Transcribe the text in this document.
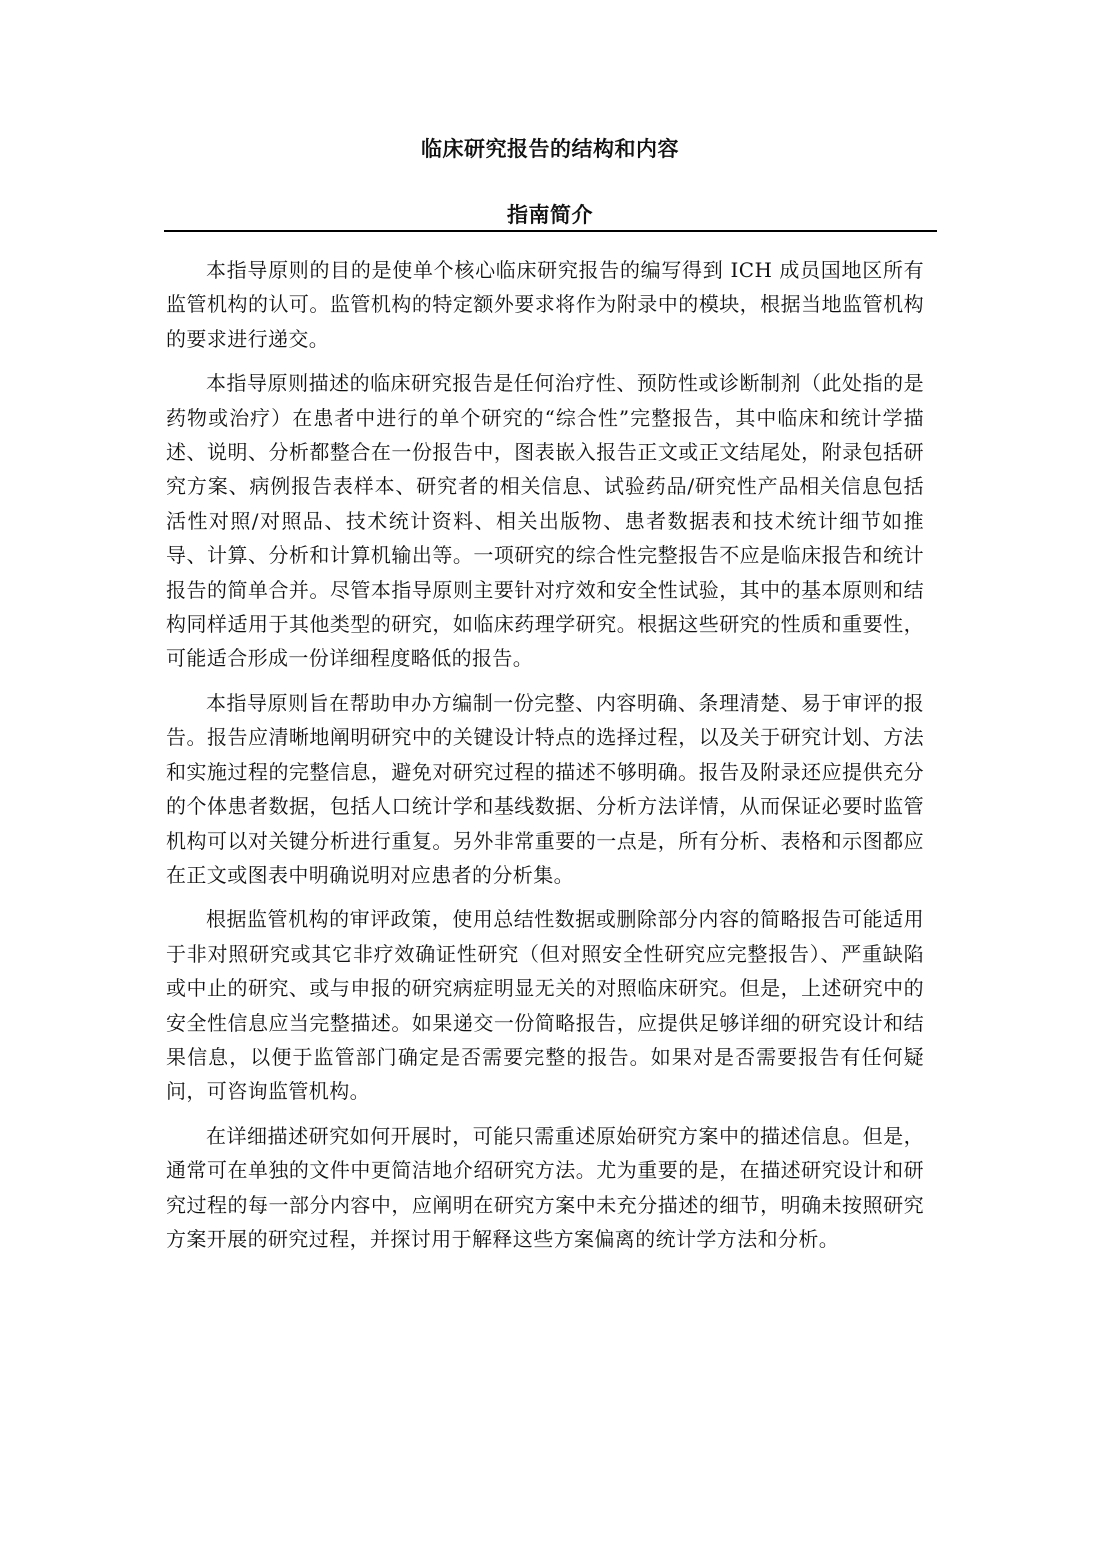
临床研究报告的结构和内容
指南简介

本指导原则的目的是使单个核心临床研究报告的编写得到 ICH 成员国地区所有监管机构的认可。监管机构的特定额外要求将作为附录中的模块，根据当地监管机构的要求进行递交。

本指导原则描述的临床研究报告是任何治疗性、预防性或诊断制剂（此处指的是药物或治疗）在患者中进行的单个研究的“综合性”完整报告，其中临床和统计学描述、说明、分析都整合在一份报告中，图表嵌入报告正文或正文结尾处，附录包括研究方案、病例报告表样本、研究者的相关信息、试验药品/研究性产品相关信息包括活性对照/对照品、技术统计资料、相关出版物、患者数据表和技术统计细节如推导、计算、分析和计算机输出等。一项研究的综合性完整报告不应是临床报告和统计报告的简单合并。尽管本指导原则主要针对疗效和安全性试验，其中的基本原则和结构同样适用于其他类型的研究，如临床药理学研究。根据这些研究的性质和重要性，可能适合形成一份详细程度略低的报告。

本指导原则旨在帮助申办方编制一份完整、内容明确、条理清楚、易于审评的报告。报告应清晰地阐明研究中的关键设计特点的选择过程，以及关于研究计划、方法和实施过程的完整信息，避免对研究过程的描述不够明确。报告及附录还应提供充分的个体患者数据，包括人口统计学和基线数据、分析方法详情，从而保证必要时监管机构可以对关键分析进行重复。另外非常重要的一点是，所有分析、表格和示图都应在正文或图表中明确说明对应患者的分析集。

根据监管机构的审评政策，使用总结性数据或删除部分内容的简略报告可能适用于非对照研究或其它非疗效确证性研究（但对照安全性研究应完整报告）、严重缺陷或中止的研究、或与申报的研究病症明显无关的对照临床研究。但是，上述研究中的安全性信息应当完整描述。如果递交一份简略报告，应提供足够详细的研究设计和结果信息，以便于监管部门确定是否需要完整的报告。如果对是否需要报告有任何疑问，可咨询监管机构。

在详细描述研究如何开展时，可能只需重述原始研究方案中的描述信息。但是，通常可在单独的文件中更简洁地介绍研究方法。尤为重要的是，在描述研究设计和研究过程的每一部分内容中，应阐明在研究方案中未充分描述的细节，明确未按照研究方案开展的研究过程，并探讨用于解释这些方案偏离的统计学方法和分析。
